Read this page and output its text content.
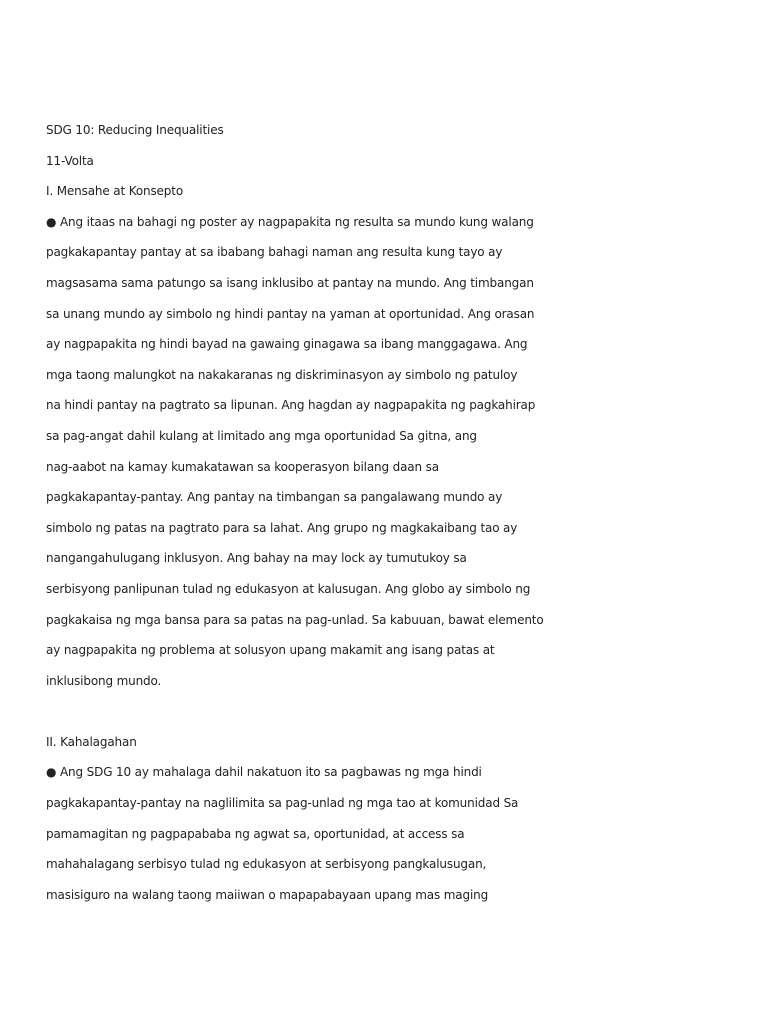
SDG 10: Reducing Inequalities
11-Volta
I. Mensahe at Konsepto
● Ang itaas na bahagi ng poster ay nagpapakita ng resulta sa mundo kung walang
pagkakapantay pantay at sa ibabang bahagi naman ang resulta kung tayo ay
magsasama sama patungo sa isang inklusibo at pantay na mundo. Ang timbangan
sa unang mundo ay simbolo ng hindi pantay na yaman at oportunidad. Ang orasan
ay nagpapakita ng hindi bayad na gawaing ginagawa sa ibang manggagawa. Ang
mga taong malungkot na nakakaranas ng diskriminasyon ay simbolo ng patuloy
na hindi pantay na pagtrato sa lipunan. Ang hagdan ay nagpapakita ng pagkahirap
sa pag-angat dahil kulang at limitado ang mga oportunidad Sa gitna, ang
nag-aabot na kamay kumakatawan sa kooperasyon bilang daan sa
pagkakapantay-pantay. Ang pantay na timbangan sa pangalawang mundo ay
simbolo ng patas na pagtrato para sa lahat. Ang grupo ng magkakaibang tao ay
nangangahulugang inklusyon. Ang bahay na may lock ay tumutukoy sa
serbisyong panlipunan tulad ng edukasyon at kalusugan. Ang globo ay simbolo ng
pagkakaisa ng mga bansa para sa patas na pag-unlad. Sa kabuuan, bawat elemento
ay nagpapakita ng problema at solusyon upang makamit ang isang patas at
inklusibong mundo.
II. Kahalagahan
● Ang SDG 10 ay mahalaga dahil nakatuon ito sa pagbawas ng mga hindi
pagkakapantay-pantay na naglilimita sa pag-unlad ng mga tao at komunidad Sa
pamamagitan ng pagpapababa ng agwat sa, oportunidad, at access sa
mahahalagang serbisyo tulad ng edukasyon at serbisyong pangkalusugan,
masisiguro na walang taong maiiwan o mapapabayaan upang mas maging
